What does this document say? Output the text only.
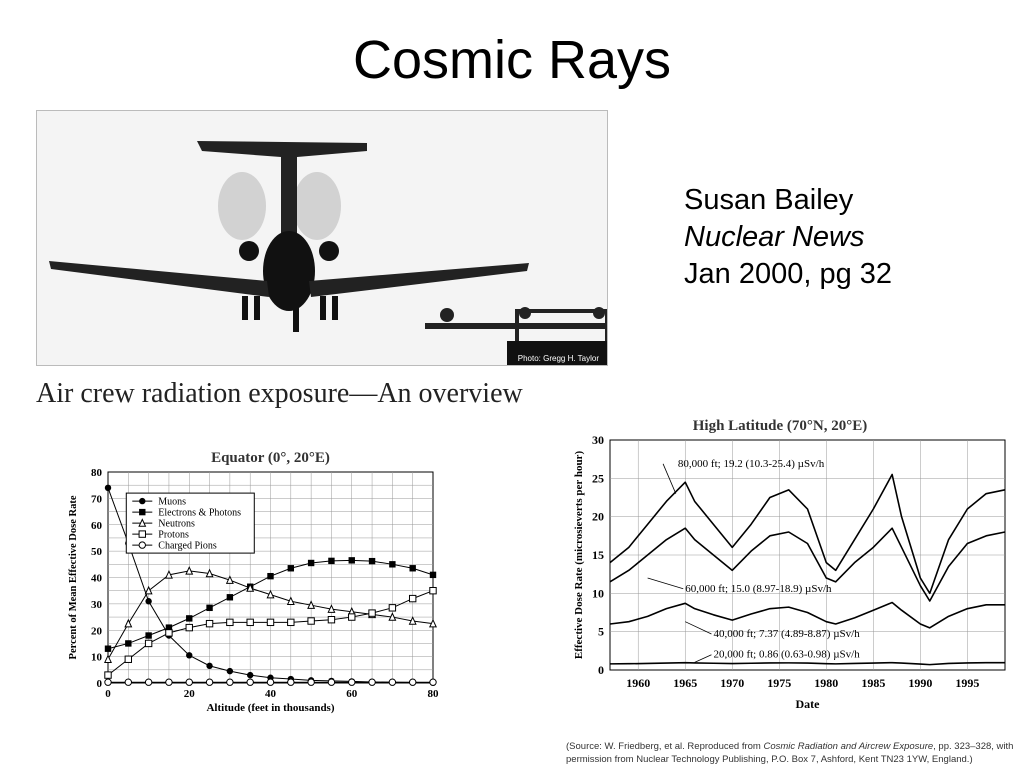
Cosmic Rays
Photo: Gregg H. Taylor
Susan Bailey
Nuclear News
Jan 2000, pg 32
Air crew radiation exposure—An overview
Equator (0°, 20°E)
0	20	40	60	80
0
10
20
30
40
50
60
70
80
Altitude (feet in thousands)
Percent of Mean Effective Dose Rate	Muons
Electrons & Photons
Neutrons
Protons
Charged Pions
High Latitude (70°N, 20°E)
1960 1965 1970 1975 1980 1985 1990 1995
0
5
10
15
20
25
30
Date
Effective Dose Rate (microsieverts per hour)	80,000 ft; 19.2 (10.3-25.4) µSv/h
60,000 ft; 15.0 (8.97-18.9) µSv/h
40,000 ft; 7.37 (4.89-8.87) µSv/h
20,000 ft; 0.86 (0.63-0.98) µSv/h
(Source: W. Friedberg, et al. Reproduced from Cosmic Radiation and Aircrew Exposure, pp. 323–328, with permission from Nuclear Technology Publishing, P.O. Box 7, Ashford, Kent TN23 1YW, England.)
